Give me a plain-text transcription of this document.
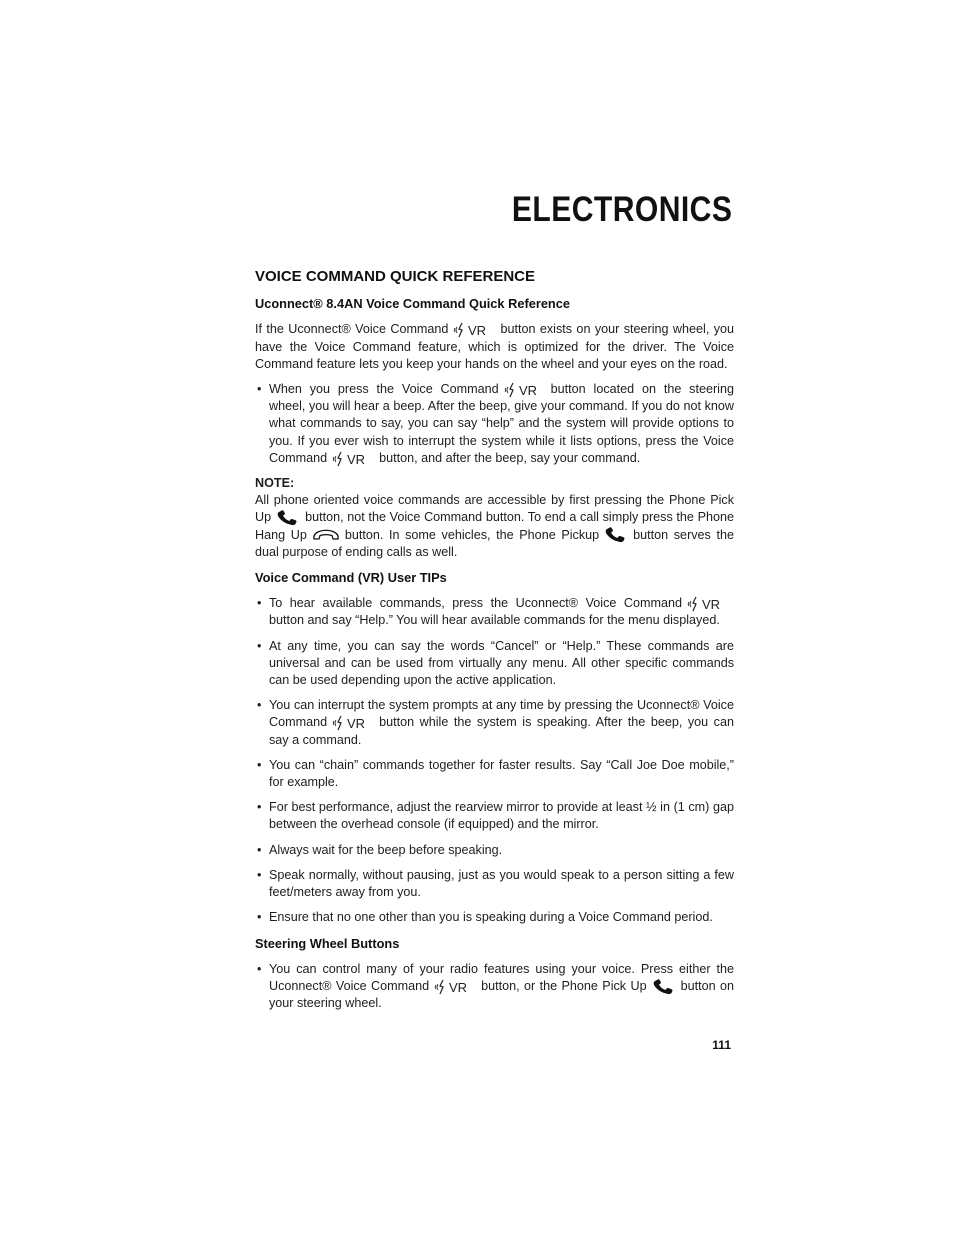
ELECTRONICS
VOICE COMMAND QUICK REFERENCE
Uconnect® 8.4AN Voice Command Quick Reference

If the Uconnect® Voice Command VR button exists on your steering wheel, you have the Voice Command feature, which is optimized for the driver. The Voice Command feature lets you keep your hands on the wheel and your eyes on the road.

• When you press the Voice Command VR button located on the steering wheel, you will hear a beep. After the beep, give your command. If you do not know what commands to say, you can say “help” and the system will provide options to you. If you ever wish to interrupt the system while it lists options, press the Voice Command VR button, and after the beep, say your command.
NOTE:

All phone oriented voice commands are accessible by first pressing the Phone Pick Up	button, not the Voice Command button. To end a call simply press the Phone Hang Up	button. In some vehicles, the Phone Pickup	button serves the dual purpose of ending calls as well.

Voice Command (VR) User TIPs
• To hear available commands, press the Uconnect® Voice Command VR
button and say “Help.” You will hear available commands for the menu displayed.
• At any time, you can say the words “Cancel” or “Help.” These commands are universal and can be used from virtually any menu. All other specific commands can be used depending upon the active application.
• You can interrupt the system prompts at any time by pressing the Uconnect® Voice Command VR button while the system is speaking. After the beep, you can say a command.
• You can “chain” commands together for faster results. Say “Call Joe Doe mobile,” for example.
• For best performance, adjust the rearview mirror to provide at least ½ in (1 cm) gap between the overhead console (if equipped) and the mirror.
• Always wait for the beep before speaking.
• Speak normally, without pausing, just as you would speak to a person sitting a few feet/meters away from you.
• Ensure that no one other than you is speaking during a Voice Command period.
Steering Wheel Buttons
• You can control many of your radio features using your voice. Press either the Uconnect® Voice Command VR button, or the Phone Pick Up	button on your steering wheel.
111
